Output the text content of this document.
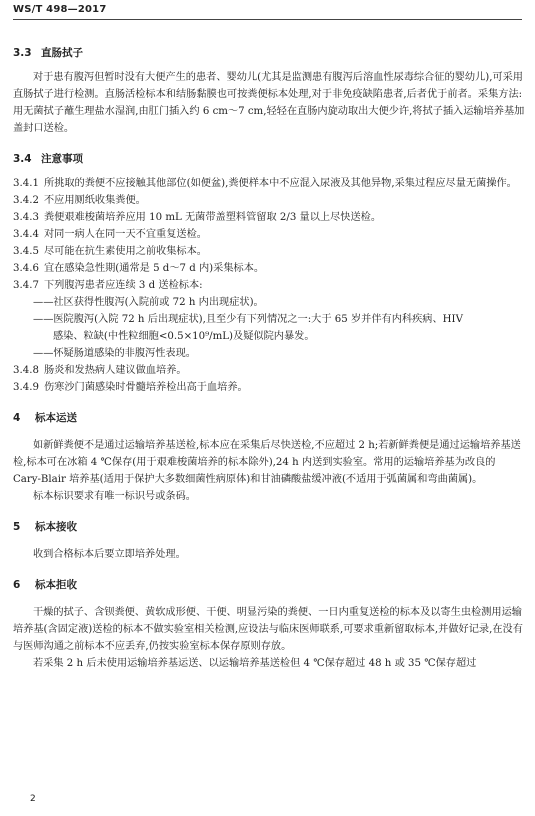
WS/T 498—2017
3.3 直肠拭子

对于患有腹泻但暂时没有大便产生的患者、婴幼儿(尤其是监测患有腹泻后溶血性尿毒综合征的婴幼儿),可采用直肠拭子进行检测。直肠活检标本和结肠黏膜也可按粪便标本处理,对于非免疫缺陷患者,后者优于前者。采集方法:用无菌拭子蘸生理盐水湿润,由肛门插入约 6 cm～7 cm,轻轻在直肠内旋动取出大便少许,将拭子插入运输培养基加盖封口送检。

3.4 注意事项
3.4.1 所挑取的粪便不应接触其他部位(如便盆),粪便样本中不应混入尿液及其他异物,采集过程应尽量无菌操作。
3.4.2 不应用厕纸收集粪便。
3.4.3 粪便艰难梭菌培养应用 10 mL 无菌带盖塑料管留取 2/3 量以上尽快送检。
3.4.4 对同一病人在同一天不宜重复送检。
3.4.5 尽可能在抗生素使用之前收集标本。
3.4.6 宜在感染急性期(通常是 5 d～7 d 内)采集标本。
3.4.7 下列腹泻患者应连续 3 d 送检标本:

——社区获得性腹泻(入院前或 72 h 内出现症状)。

——医院腹泻(入院 72 h 后出现症状),且至少有下列情况之一:大于 65 岁并伴有内科疾病、HIV

感染、粒缺(中性粒细胞<0.5×10⁹/mL)及疑似院内暴发。

——怀疑肠道感染的非腹泻性表现。

3.4.8 肠炎和发热病人建议做血培养。
3.4.9 伤寒沙门菌感染时骨髓培养检出高于血培养。
4 标本运送

如新鲜粪便不是通过运输培养基送检,标本应在采集后尽快送检,不应超过 2 h;若新鲜粪便是通过运输培养基送检,标本可在冰箱 4 ℃保存(用于艰难梭菌培养的标本除外),24 h 内送到实验室。常用的运输培养基为改良的 Cary-Blair 培养基(适用于保护大多数细菌性病原体)和甘油磷酸盐缓冲液(不适用于弧菌属和弯曲菌属)。

标本标识要求有唯一标识号或条码。

5 标本接收

收到合格标本后要立即培养处理。

6 标本拒收

干燥的拭子、含钡粪便、黄软成形便、干便、明显污染的粪便、一日内重复送检的标本及以寄生虫检测用运输培养基(含固定液)送检的标本不做实验室相关检测,应设法与临床医师联系,可要求重新留取标本,并做好记录,在没有与医师沟通之前标本不应丢弃,仍按实验室标本保存原则存放。

若采集 2 h 后未使用运输培养基运送、以运输培养基送检但 4 ℃保存超过 48 h 或 35 ℃保存超过

2
